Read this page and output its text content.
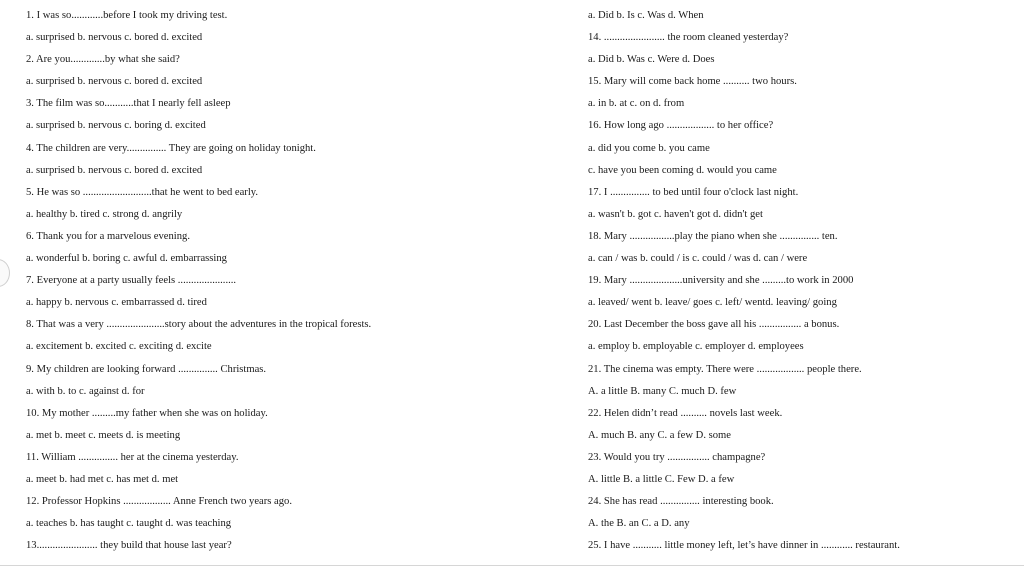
1. I was so............before I took my driving test.
a. surprised b. nervous c. bored d. excited
2. Are you.............by what she said?
a. surprised b. nervous c. bored d. excited
3. The film was so...........that I nearly fell asleep
a. surprised b. nervous c. boring d. excited
4. The children are very............... They are going on holiday tonight.
a. surprised b. nervous c. bored d. excited
5. He was so ..........................that he went to bed early.
a. healthy b. tired c. strong d. angrily
6. Thank you for a marvelous evening.
a. wonderful b. boring c. awful d. embarrassing
7. Everyone at a party usually feels ......................
a. happy b. nervous c. embarrassed d. tired
8. That was a very ......................story about the adventures in the tropical forests.
a. excitement b. excited c. exciting d. excite
9. My children are looking forward ............... Christmas.
a. with b. to c. against d. for
10. My mother .........my father when she was on holiday.
a. met b. meet c. meets d. is meeting
11. William ............... her at the cinema yesterday.
a. meet b. had met c. has met d. met
12. Professor Hopkins .................. Anne French two years ago.
a. teaches b. has taught c. taught d. was teaching
13....................... they build that house last year?
a. Did b. Is c. Was d. When
14. ....................... the room cleaned yesterday?
a. Did b. Was c. Were d. Does
15. Mary will come back home .......... two hours.
a. in b. at c. on d. from
16. How long ago .................. to her office?
a. did you come b. you came
c. have you been coming d. would you came
17. I ............... to bed until four o'clock last night.
a. wasn't b. got c. haven't got d. didn't get
18. Mary .................play the piano when she ............... ten.
a. can / was b. could / is c. could / was d. can / were
19. Mary ....................university and she .........to work in 2000
a. leaved/ went b. leave/ goes c. left/ wentd. leaving/ going
20. Last December the boss gave all his ................ a bonus.
a. employ b. employable c. employer d. employees
21. The cinema was empty. There were .................. people there.
A. a little B. many C. much D. few
22. Helen didn’t read .......... novels last week.
A. much B. any C. a few D. some
23. Would you try ................ champagne?
A. little B. a little C. Few D. a few
24. She has read ............... interesting book.
A. the B. an C. a D. any
25. I have ........... little money left, let’s have dinner in ............ restaurant.
